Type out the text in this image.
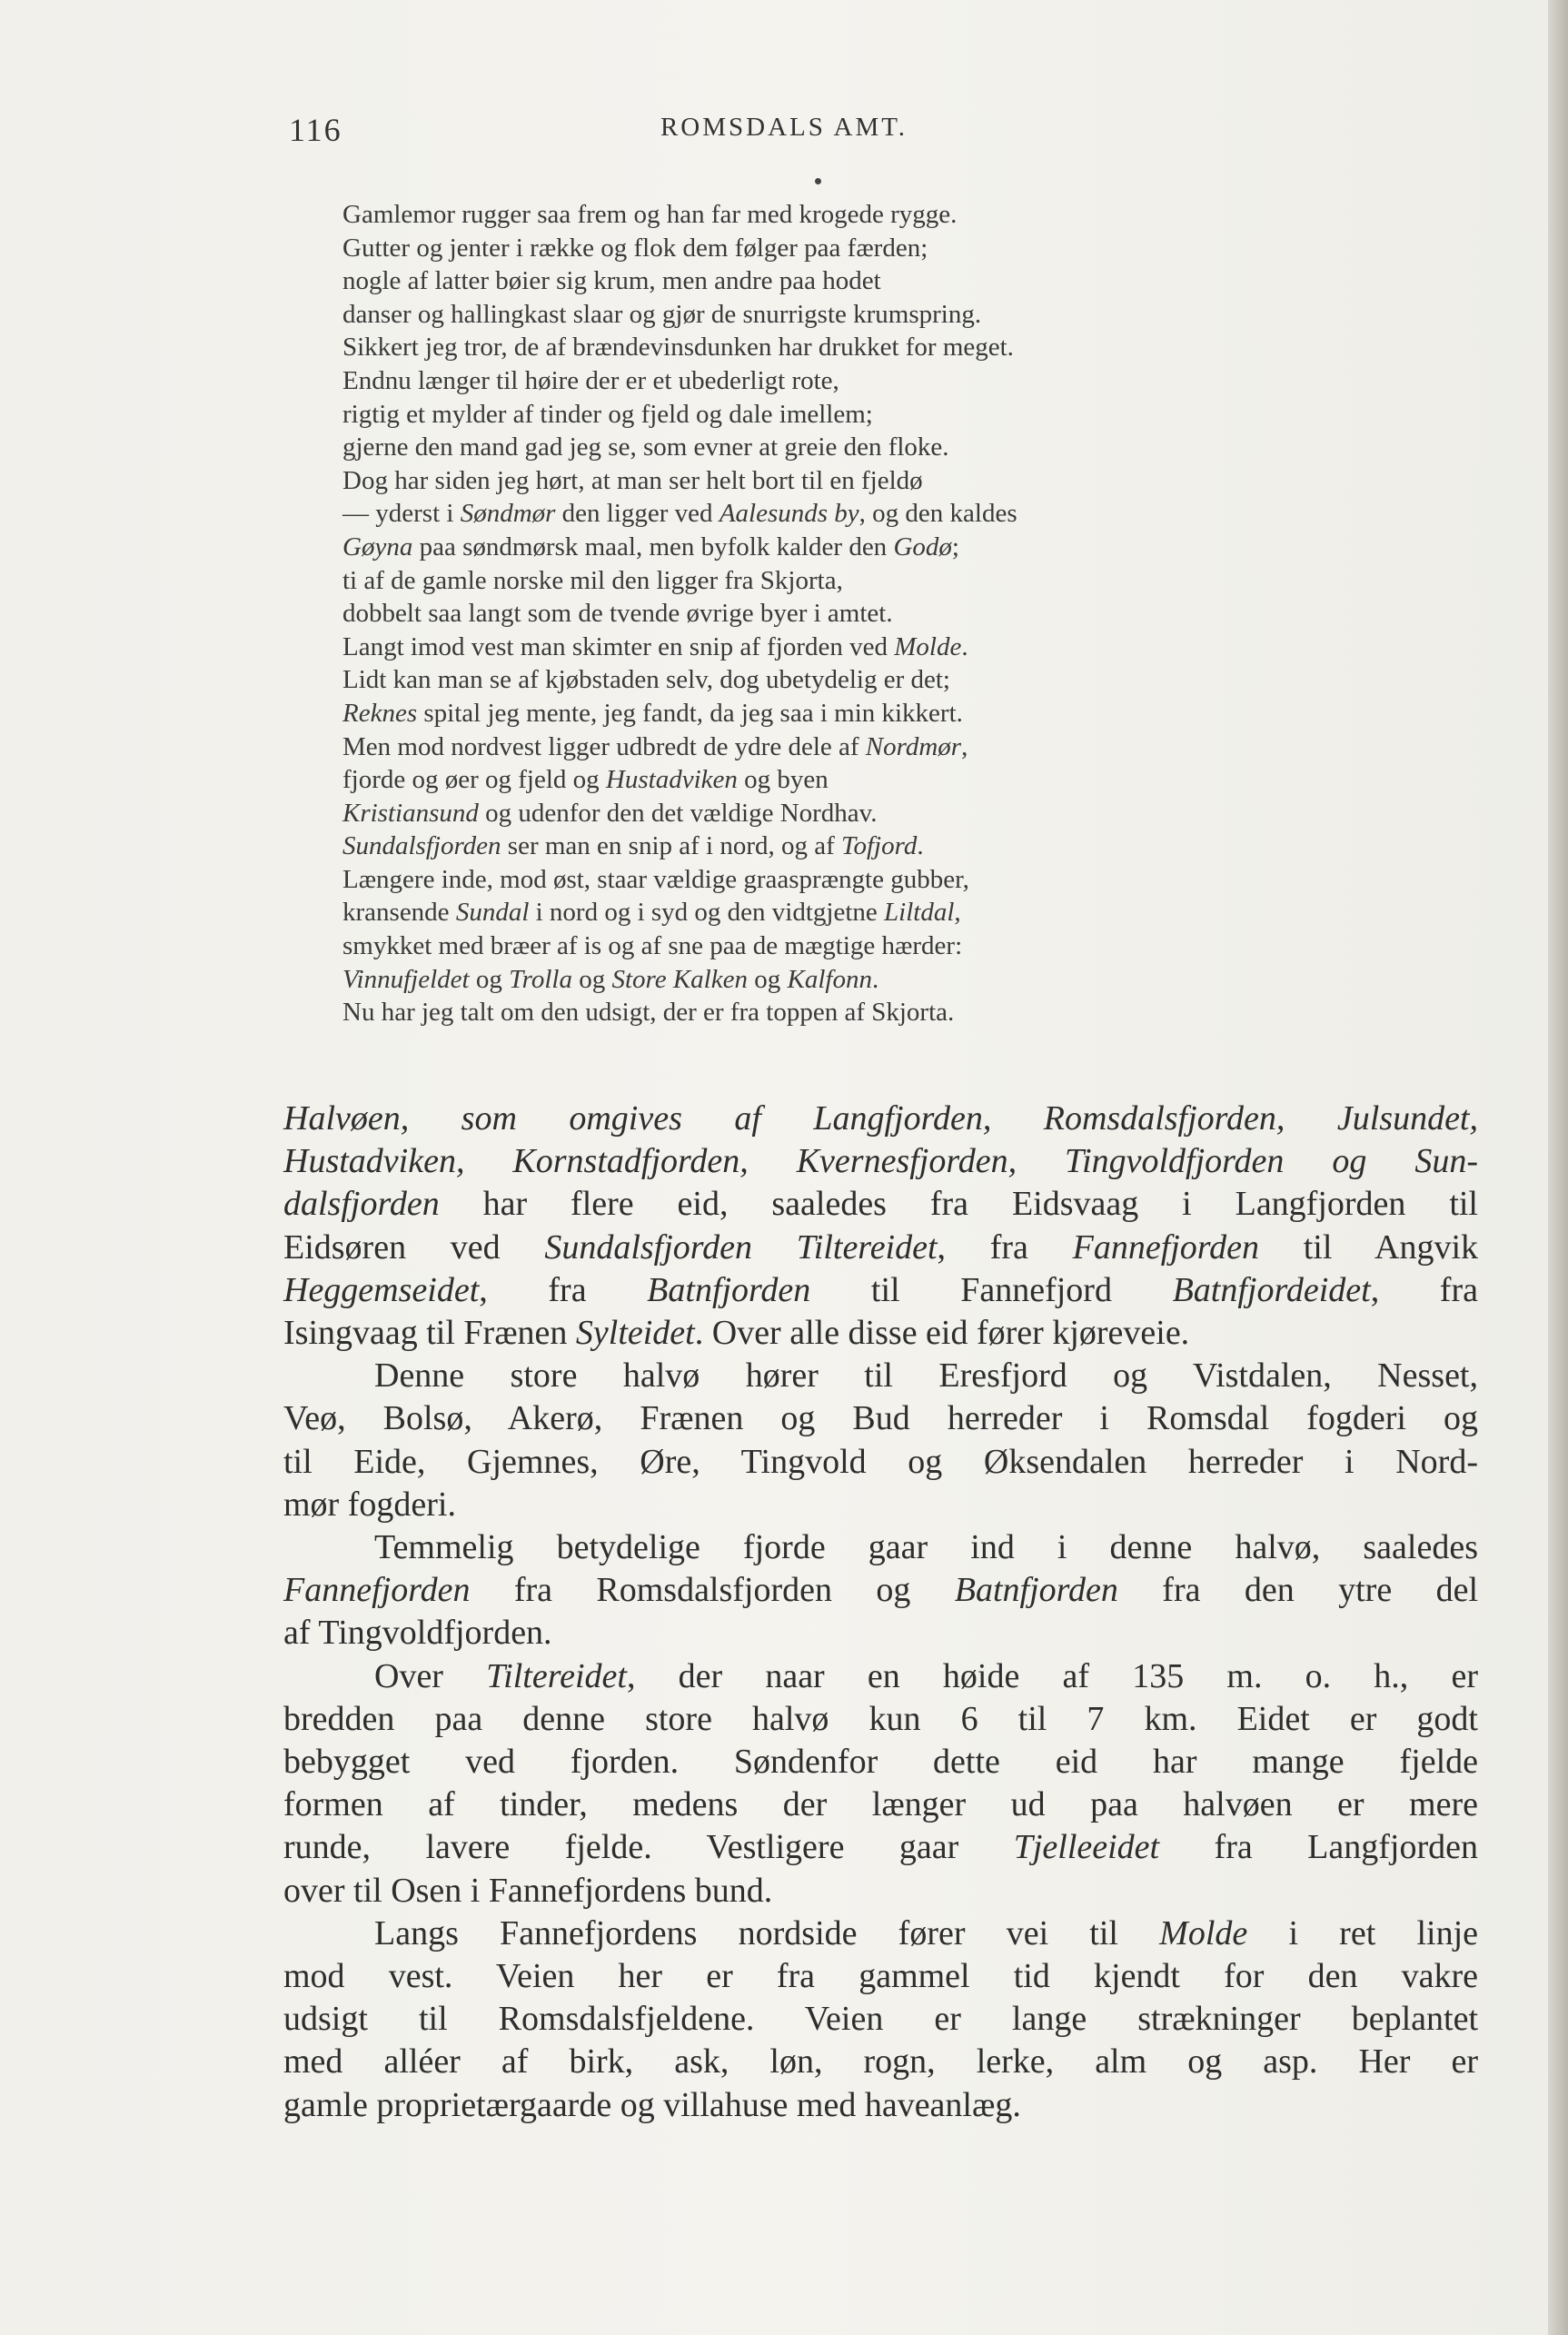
116	ROMSDALS AMT.
Gamlemor rugger saa frem og han far med krogede rygge.
Gutter og jenter i række og flok dem følger paa færden;
nogle af latter bøier sig krum, men andre paa hodet
danser og hallingkast slaar og gjør de snurrigste krumspring.
Sikkert jeg tror, de af brændevinsdunken har drukket for meget.
Endnu længer til høire der er et ubederligt rote,
rigtig et mylder af tinder og fjeld og dale imellem;
gjerne den mand gad jeg se, som evner at greie den floke.
Dog har siden jeg hørt, at man ser helt bort til en fjeldø
— yderst i Søndmør den ligger ved Aalesunds by, og den kaldes
Gøyna paa søndmørsk maal, men byfolk kalder den Godø;
ti af de gamle norske mil den ligger fra Skjorta,
dobbelt saa langt som de tvende øvrige byer i amtet.
Langt imod vest man skimter en snip af fjorden ved Molde.
Lidt kan man se af kjøbstaden selv, dog ubetydelig er det;
Reknes spital jeg mente, jeg fandt, da jeg saa i min kikkert.
Men mod nordvest ligger udbredt de ydre dele af Nordmør,
fjorde og øer og fjeld og Hustadviken og byen
Kristiansund og udenfor den det vældige Nordhav.
Sundalsfjorden ser man en snip af i nord, og af Tofjord.
Længere inde, mod øst, staar vældige graasprængte gubber,
kransende Sundal i nord og i syd og den vidtgjetne Liltdal,
smykket med bræer af is og af sne paa de mægtige hærder:
Vinnufjeldet og Trolla og Store Kalken og Kalfonn.
Nu har jeg talt om den udsigt, der er fra toppen af Skjorta.

Halvøen, som omgives af Langfjorden, Romsdalsfjorden, Julsundet,
Hustadviken, Kornstadfjorden, Kvernesfjorden, Tingvoldfjorden og Sun-
dalsfjorden har flere eid, saaledes fra Eidsvaag i Langfjorden til
Eidsøren ved Sundalsfjorden Tiltereidet, fra Fannefjorden til Angvik
Heggemseidet, fra Batnfjorden til Fannefjord Batnfjordeidet, fra
Isingvaag til Frænen Sylteidet. Over alle disse eid fører kjøreveie.

Denne store halvø hører til Eresfjord og Vistdalen, Nesset,
Veø, Bolsø, Akerø, Frænen og Bud herreder i Romsdal fogderi og
til Eide, Gjemnes, Øre, Tingvold og Øksendalen herreder i Nord-
mør fogderi.

Temmelig betydelige fjorde gaar ind i denne halvø, saaledes
Fannefjorden fra Romsdalsfjorden og Batnfjorden fra den ytre del
af Tingvoldfjorden.

Over Tiltereidet, der naar en høide af 135 m. o. h., er
bredden paa denne store halvø kun 6 til 7 km. Eidet er godt
bebygget ved fjorden. Søndenfor dette eid har mange fjelde
formen af tinder, medens der længer ud paa halvøen er mere
runde, lavere fjelde. Vestligere gaar Tjelleeidet fra Langfjorden
over til Osen i Fannefjordens bund.

Langs Fannefjordens nordside fører vei til Molde i ret linje
mod vest. Veien her er fra gammel tid kjendt for den vakre
udsigt til Romsdalsfjeldene. Veien er lange strækninger beplantet
med alléer af birk, ask, løn, rogn, lerke, alm og asp. Her er
gamle proprietærgaarde og villahuse med haveanlæg.
